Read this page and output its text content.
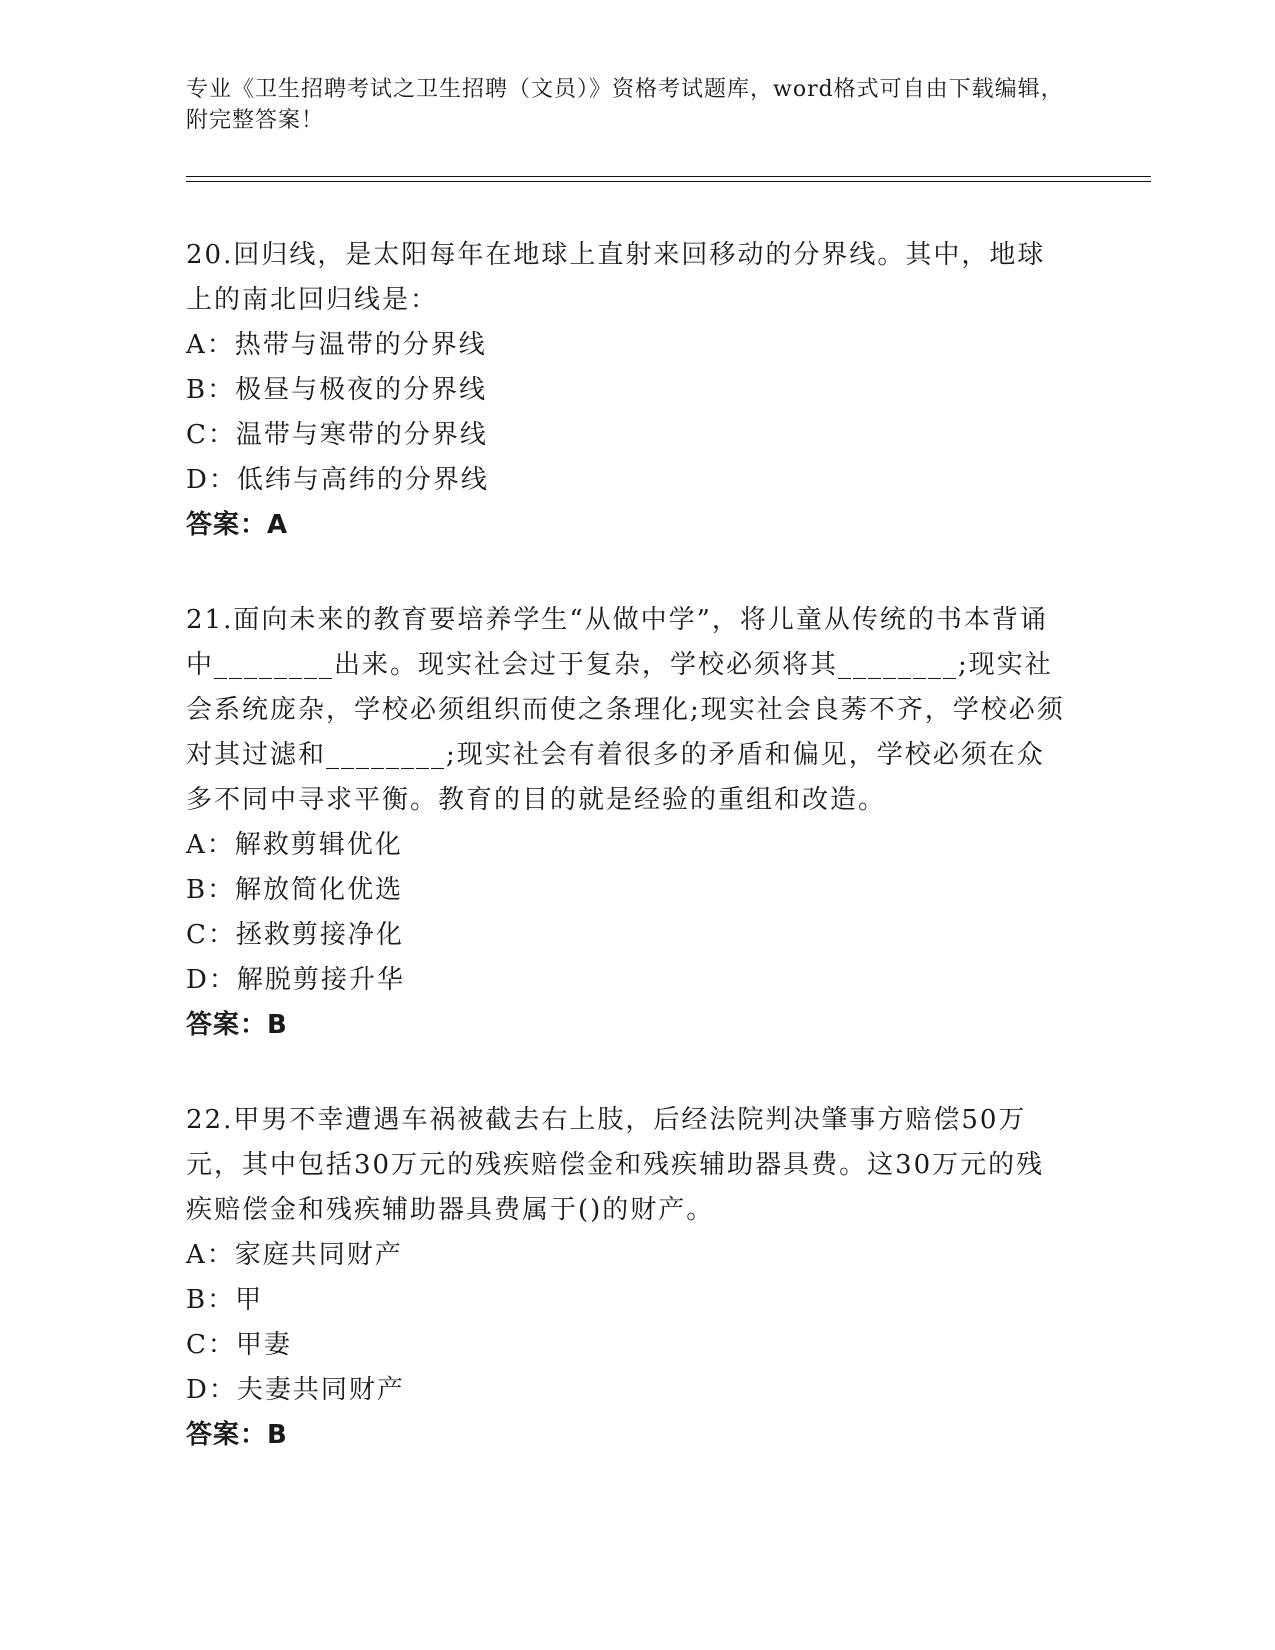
专业《卫生招聘考试之卫生招聘（文员）》资格考试题库，word格式可自由下载编辑，附完整答案！

20.回归线，是太阳每年在地球上直射来回移动的分界线。其中，地球上的南北回归线是：

A：热带与温带的分界线

B：极昼与极夜的分界线

C：温带与寒带的分界线

D：低纬与高纬的分界线

答案：A

21.面向未来的教育要培养学生“从做中学”，将儿童从传统的书本背诵中________出来。现实社会过于复杂，学校必须将其________;现实社会系统庞杂，学校必须组织而使之条理化;现实社会良莠不齐，学校必须对其过滤和________;现实社会有着很多的矛盾和偏见，学校必须在众多不同中寻求平衡。教育的目的就是经验的重组和改造。

A：解救剪辑优化

B：解放简化优选

C：拯救剪接净化

D：解脱剪接升华

答案：B

22.甲男不幸遭遇车祸被截去右上肢，后经法院判决肇事方赔偿50万元，其中包括30万元的残疾赔偿金和残疾辅助器具费。这30万元的残疾赔偿金和残疾辅助器具费属于()的财产。

A：家庭共同财产

B：甲

C：甲妻

D：夫妻共同财产

答案：B
